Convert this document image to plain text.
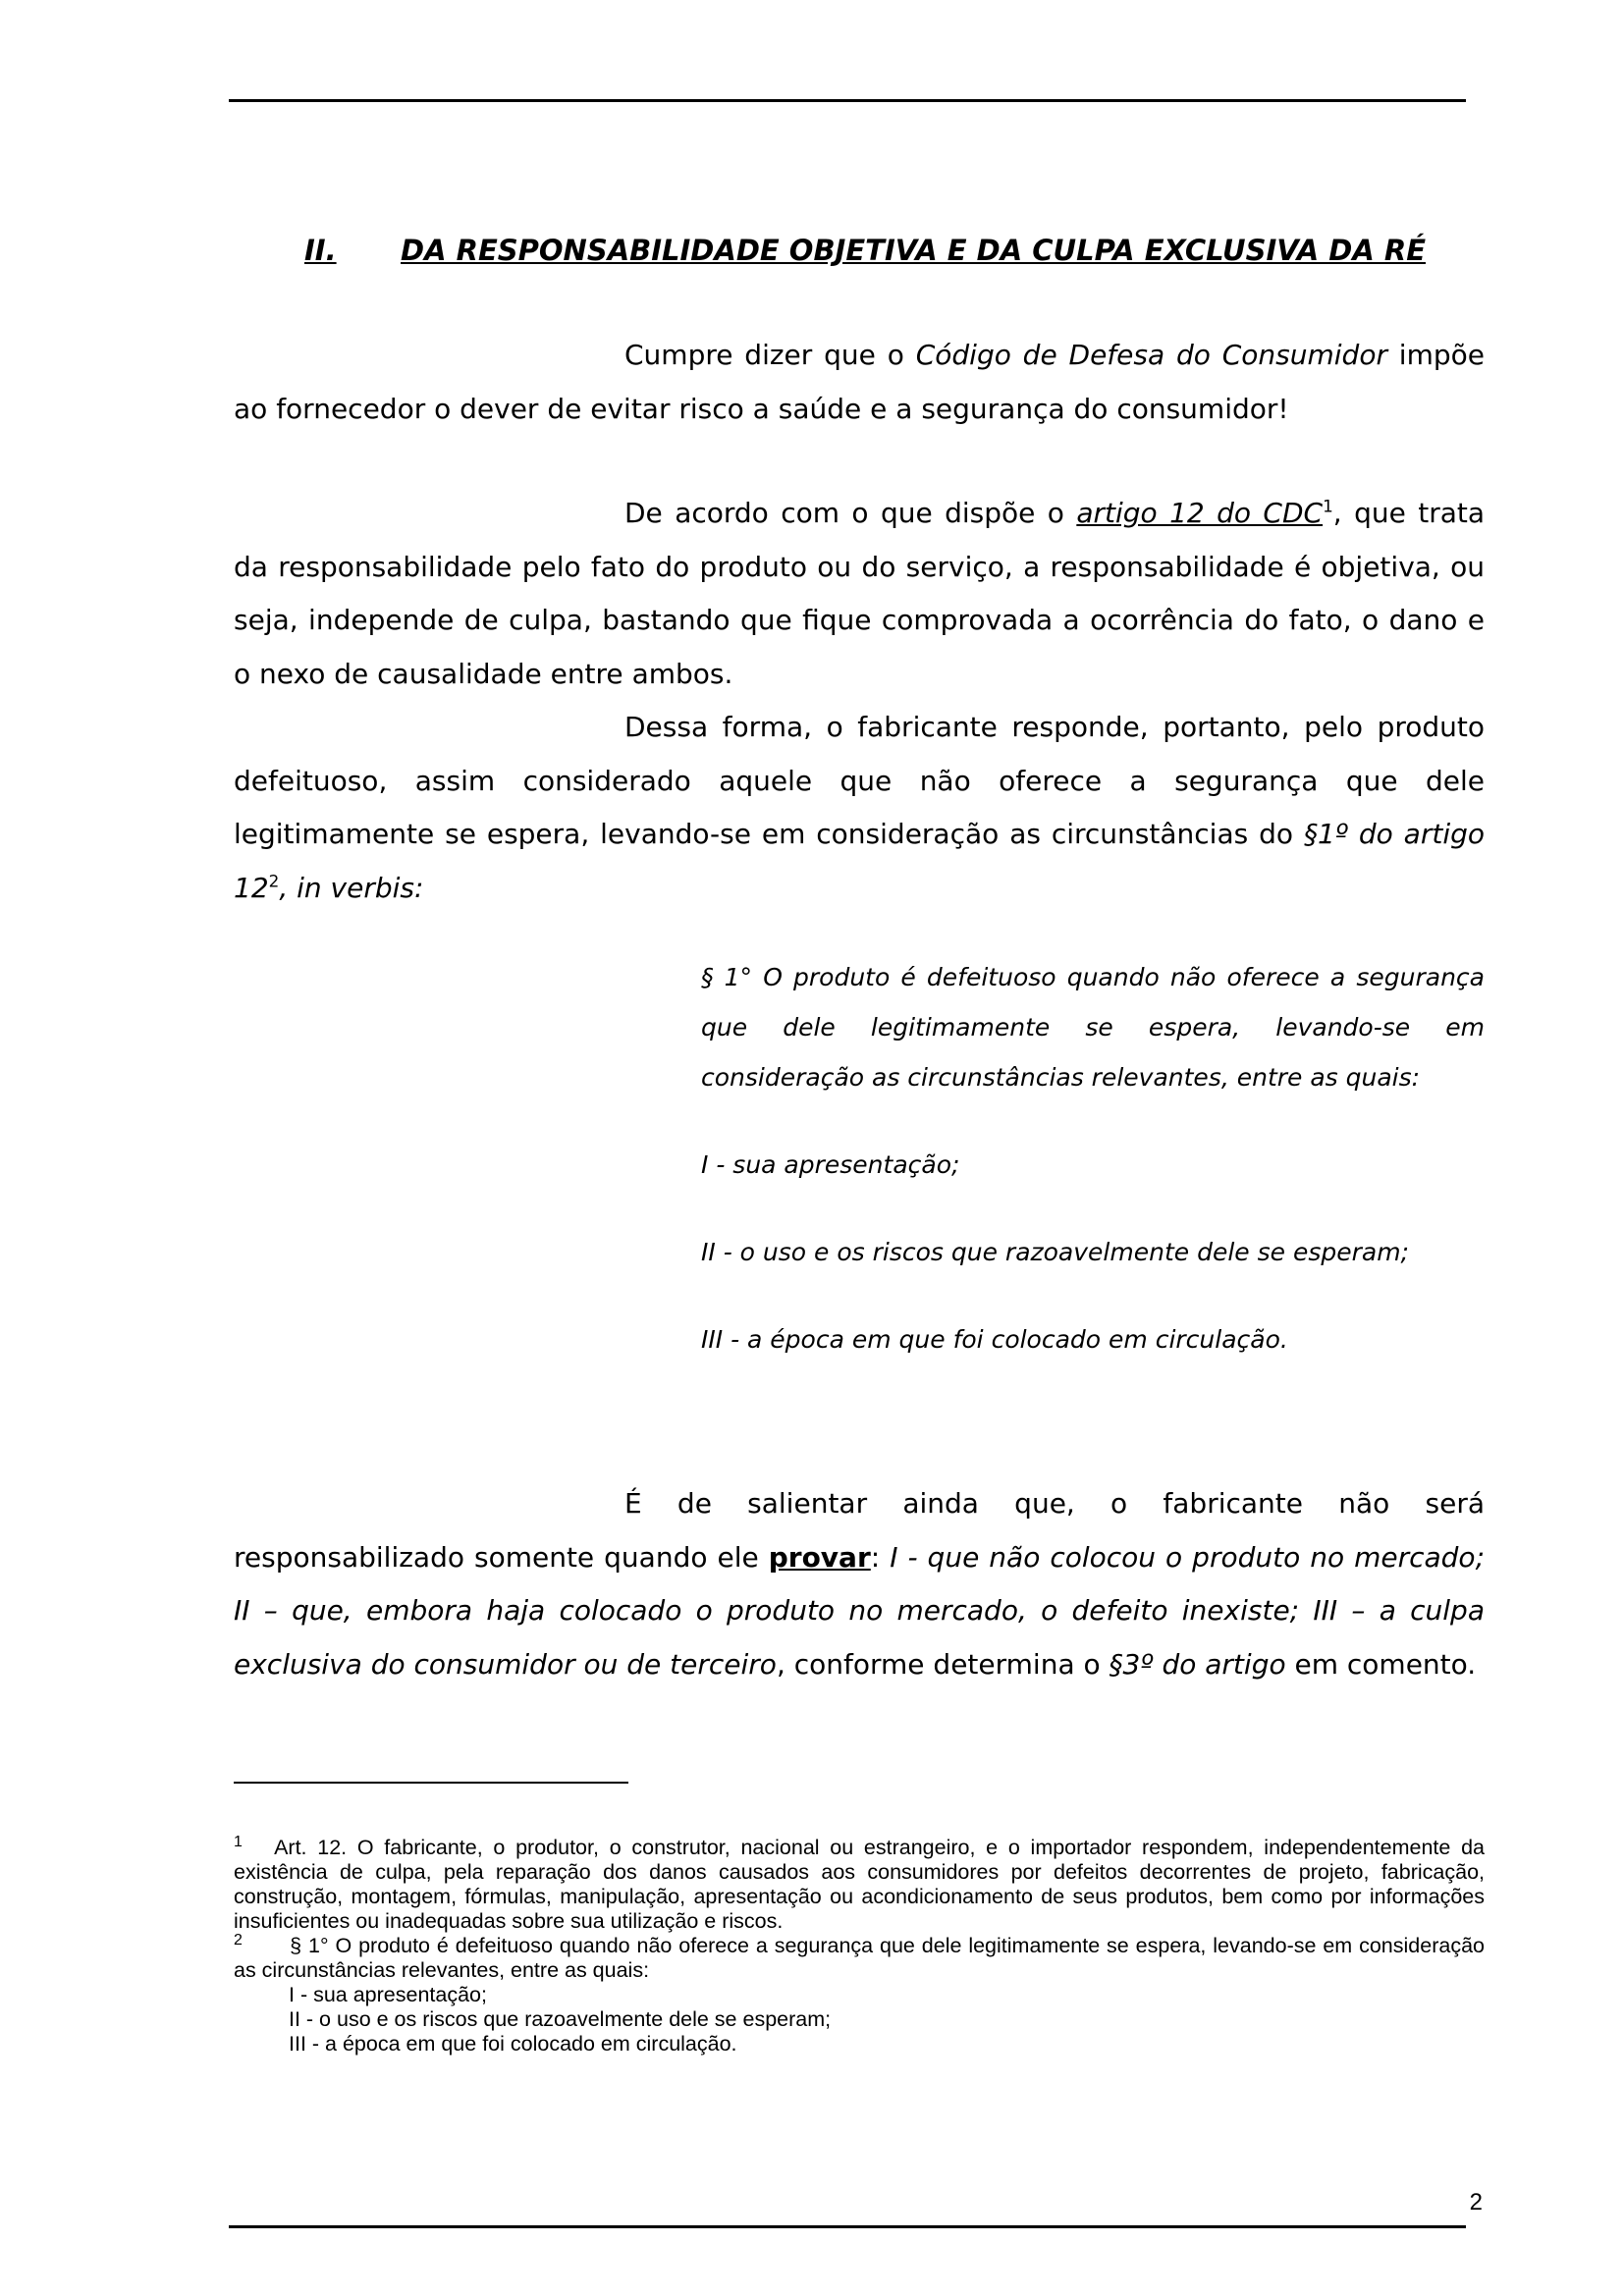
II. DA RESPONSABILIDADE OBJETIVA E DA CULPA EXCLUSIVA DA RÉ

Cumpre dizer que o Código de Defesa do Consumidor impõe ao fornecedor o dever de evitar risco a saúde e a segurança do consumidor!

De acordo com o que dispõe o artigo 12 do CDC$^1$, que trata da responsabilidade pelo fato do produto ou do serviço, a responsabilidade é objetiva, ou seja, independe de culpa, bastando que fique comprovada a ocorrência do fato, o dano e o nexo de causalidade entre ambos.

Dessa forma, o fabricante responde, portanto, pelo produto defeituoso, assim considerado aquele que não oferece a segurança que dele legitimamente se espera, levando-se em consideração as circunstâncias do §1º do artigo $12^2$, in verbis:

§ 1° O produto é defeituoso quando não oferece a segurança que dele legitimamente se espera, levando-se em consideração as circunstâncias relevantes, entre as quais:

I - sua apresentação;

II - o uso e os riscos que razoavelmente dele se esperam;

III - a época em que foi colocado em circulação.

É de salientar ainda que, o fabricante não será responsabilizado somente quando ele provar: I - que não colocou o produto no mercado; II – que, embora haja colocado o produto no mercado, o defeito inexiste; III – a culpa exclusiva do consumidor ou de terceiro, conforme determina o §3º do artigo em comento.

$^1$ Art. 12. O fabricante, o produtor, o construtor, nacional ou estrangeiro, e o importador respondem, independentemente da existência de culpa, pela reparação dos danos causados aos consumidores por defeitos decorrentes de projeto, fabricação, construção, montagem, fórmulas, manipulação, apresentação ou acondicionamento de seus produtos, bem como por informações insuficientes ou inadequadas sobre sua utilização e riscos.

$^2$ § 1° O produto é defeituoso quando não oferece a segurança que dele legitimamente se espera, levando-se em consideração as circunstâncias relevantes, entre as quais:

I - sua apresentação;
II - o uso e os riscos que razoavelmente dele se esperam;
III - a época em que foi colocado em circulação.
2
